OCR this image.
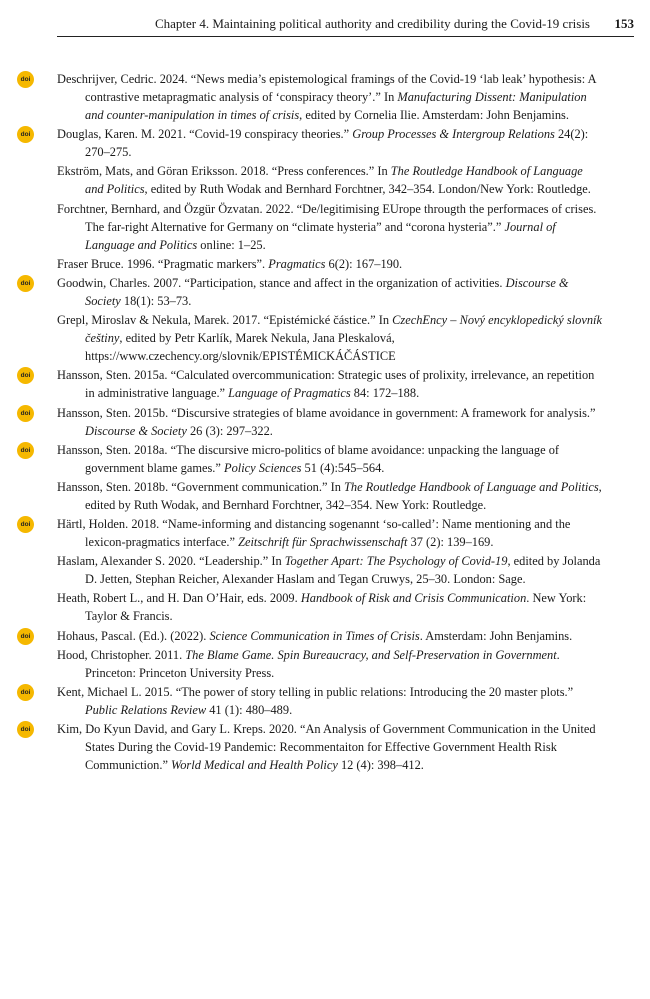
Chapter 4. Maintaining political authority and credibility during the Covid-19 crisis 153

doi Deschrijver, Cedric. 2024. “News media’s epistemological framings of the Covid-19 ‘lab leak’ hypothesis: A contrastive metapragmatic analysis of ‘conspiracy theory’.” In Manufacturing Dissent: Manipulation and counter-manipulation in times of crisis, edited by Cornelia Ilie. Amsterdam: John Benjamins.

doi Douglas, Karen. M. 2021. “Covid-19 conspiracy theories.” Group Processes & Intergroup Relations 24(2): 270–275.

Ekström, Mats, and Göran Eriksson. 2018. “Press conferences.” In The Routledge Handbook of Language and Politics, edited by Ruth Wodak and Bernhard Forchtner, 342–354. London/New York: Routledge.

Forchtner, Bernhard, and Özgür Özvatan. 2022. “De/legitimising EUrope througth the performaces of crises. The far-right Alternative for Germany on “climate hysteria” and “corona hysteria”.” Journal of Language and Politics online: 1–25.

Fraser Bruce. 1996. “Pragmatic markers”. Pragmatics 6(2): 167–190.

doi Goodwin, Charles. 2007. “Participation, stance and affect in the organization of activities. Discourse & Society 18(1): 53–73.

Grepl, Miroslav & Nekula, Marek. 2017. “Epistémické částice.” In CzechEncy – Nový encyklopedický slovník češtiny, edited by Petr Karlík, Marek Nekula, Jana Pleskalová, https://www.czechency.org/slovnik/EPISTÉMICKÁČÁSTICE

doi Hansson, Sten. 2015a. “Calculated overcommunication: Strategic uses of prolixity, irrelevance, an repetition in administrative language.” Language of Pragmatics 84: 172–188.

doi Hansson, Sten. 2015b. “Discursive strategies of blame avoidance in government: A framework for analysis.” Discourse & Society 26 (3): 297–322.

doi Hansson, Sten. 2018a. “The discursive micro-politics of blame avoidance: unpacking the language of government blame games.” Policy Sciences 51 (4):545–564.

Hansson, Sten. 2018b. “Government communication.” In The Routledge Handbook of Language and Politics, edited by Ruth Wodak, and Bernhard Forchtner, 342–354. New York: Routledge.

doi Härtl, Holden. 2018. “Name-informing and distancing sogenannt ‘so-called’: Name mentioning and the lexicon-pragmatics interface.” Zeitschrift für Sprachwissenschaft 37 (2): 139–169.

Haslam, Alexander S. 2020. “Leadership.” In Together Apart: The Psychology of Covid-19, edited by Jolanda D. Jetten, Stephan Reicher, Alexander Haslam and Tegan Cruwys, 25–30. London: Sage.

Heath, Robert L., and H. Dan O’Hair, eds. 2009. Handbook of Risk and Crisis Communication. New York: Taylor & Francis.

doi Hohaus, Pascal. (Ed.). (2022). Science Communication in Times of Crisis. Amsterdam: John Benjamins.

Hood, Christopher. 2011. The Blame Game. Spin Bureaucracy, and Self-Preservation in Government. Princeton: Princeton University Press.

doi Kent, Michael L. 2015. “The power of story telling in public relations: Introducing the 20 master plots.” Public Relations Review 41 (1): 480–489.

doi Kim, Do Kyun David, and Gary L. Kreps. 2020. “An Analysis of Government Communication in the United States During the Covid-19 Pandemic: Recommentaiton for Effective Government Health Risk Communiction.” World Medical and Health Policy 12 (4): 398–412.
